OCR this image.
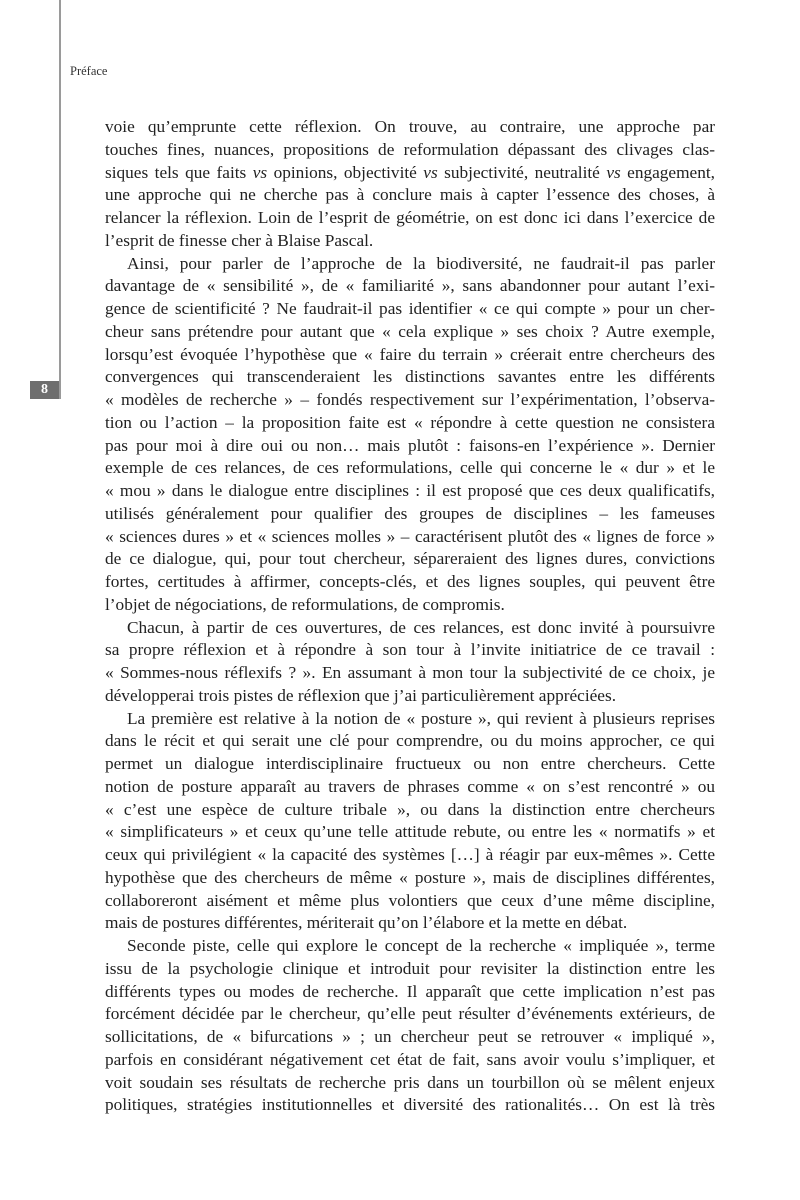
8
Préface
voie qu’emprunte cette réflexion. On trouve, au contraire, une approche par
touches fines, nuances, propositions de reformulation dépassant des clivages clas-
siques tels que faits vs opinions, objectivité vs subjectivité, neutralité vs engagement,
une approche qui ne cherche pas à conclure mais à capter l’essence des choses, à
relancer la réflexion. Loin de l’esprit de géométrie, on est donc ici dans l’exercice de
l’esprit de finesse cher à Blaise Pascal.
Ainsi, pour parler de l’approche de la biodiversité, ne faudrait-il pas parler
davantage de « sensibilité », de « familiarité », sans abandonner pour autant l’exi-
gence de scientificité ? Ne faudrait-il pas identifier « ce qui compte » pour un cher-
cheur sans prétendre pour autant que « cela explique » ses choix ? Autre exemple,
lorsqu’est évoquée l’hypothèse que « faire du terrain » créerait entre chercheurs des
convergences qui transcenderaient les distinctions savantes entre les différents
« modèles de recherche » – fondés respectivement sur l’expérimentation, l’observa-
tion ou l’action – la proposition faite est « répondre à cette question ne consistera
pas pour moi à dire oui ou non… mais plutôt : faisons-en l’expérience ». Dernier
exemple de ces relances, de ces reformulations, celle qui concerne le « dur » et le
« mou » dans le dialogue entre disciplines : il est proposé que ces deux qualificatifs,
utilisés généralement pour qualifier des groupes de disciplines – les fameuses
« sciences dures » et « sciences molles » – caractérisent plutôt des « lignes de force »
de ce dialogue, qui, pour tout chercheur, sépareraient des lignes dures, convictions
fortes, certitudes à affirmer, concepts-clés, et des lignes souples, qui peuvent être
l’objet de négociations, de reformulations, de compromis.
Chacun, à partir de ces ouvertures, de ces relances, est donc invité à poursuivre
sa propre réflexion et à répondre à son tour à l’invite initiatrice de ce travail :
« Sommes-nous réflexifs ? ». En assumant à mon tour la subjectivité de ce choix, je
développerai trois pistes de réflexion que j’ai particulièrement appréciées.
La première est relative à la notion de « posture », qui revient à plusieurs reprises
dans le récit et qui serait une clé pour comprendre, ou du moins approcher, ce qui
permet un dialogue interdisciplinaire fructueux ou non entre chercheurs. Cette
notion de posture apparaît au travers de phrases comme « on s’est rencontré » ou
« c’est une espèce de culture tribale », ou dans la distinction entre chercheurs
« simplificateurs » et ceux qu’une telle attitude rebute, ou entre les « normatifs » et
ceux qui privilégient « la capacité des systèmes […] à réagir par eux-mêmes ». Cette
hypothèse que des chercheurs de même « posture », mais de disciplines différentes,
collaboreront aisément et même plus volontiers que ceux d’une même discipline,
mais de postures différentes, mériterait qu’on l’élabore et la mette en débat.
Seconde piste, celle qui explore le concept de la recherche « impliquée », terme
issu de la psychologie clinique et introduit pour revisiter la distinction entre les
différents types ou modes de recherche. Il apparaît que cette implication n’est pas
forcément décidée par le chercheur, qu’elle peut résulter d’événements extérieurs, de
sollicitations, de « bifurcations » ; un chercheur peut se retrouver « impliqué »,
parfois en considérant négativement cet état de fait, sans avoir voulu s’impliquer, et
voit soudain ses résultats de recherche pris dans un tourbillon où se mêlent enjeux
politiques, stratégies institutionnelles et diversité des rationalités… On est là très
